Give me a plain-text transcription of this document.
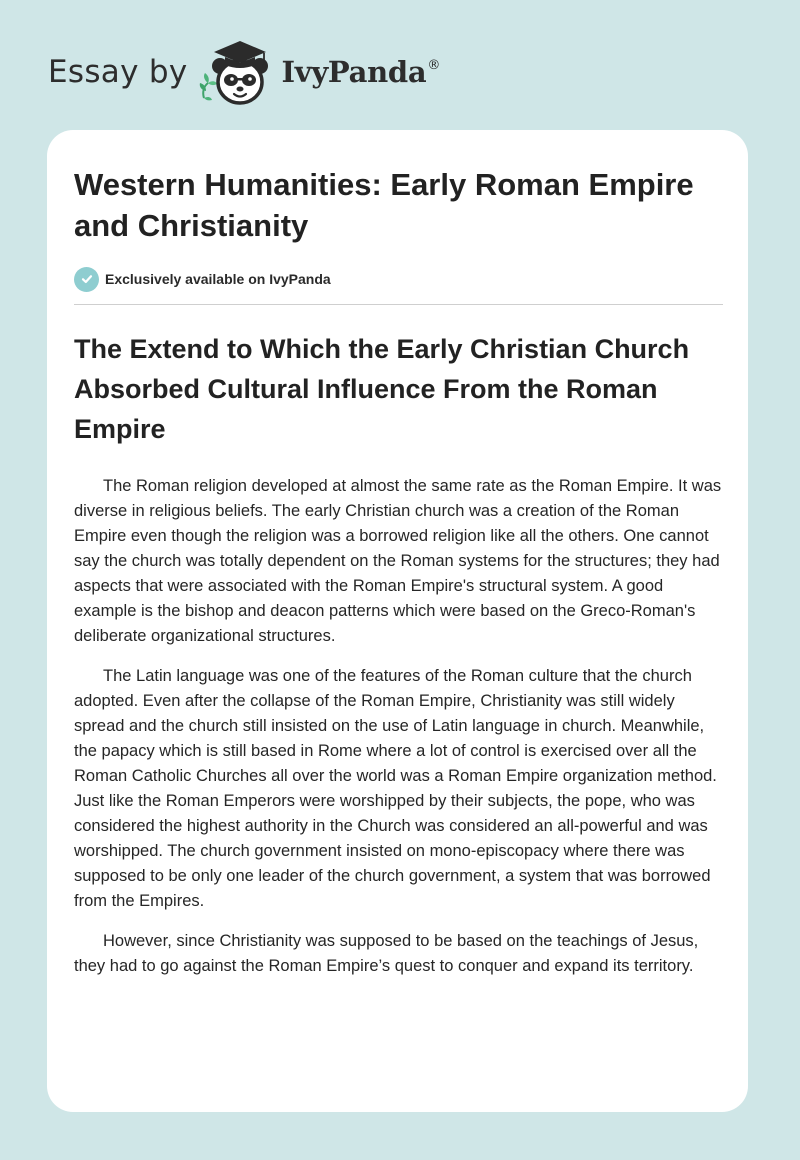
Essay by	IvyPanda ®
Western Humanities: Early Roman Empire and Christianity
Exclusively available on IvyPanda
The Extend to Which the Early Christian Church Absorbed Cultural Influence From the Roman Empire

The Roman religion developed at almost the same rate as the Roman Empire. It was diverse in religious beliefs. The early Christian church was a creation of the Roman Empire even though the religion was a borrowed religion like all the others. One cannot say the church was totally dependent on the Roman systems for the structures; they had aspects that were associated with the Roman Empire's structural system. A good example is the bishop and deacon patterns which were based on the Greco-Roman's deliberate organizational structures.

The Latin language was one of the features of the Roman culture that the church adopted. Even after the collapse of the Roman Empire, Christianity was still widely spread and the church still insisted on the use of Latin language in church. Meanwhile, the papacy which is still based in Rome where a lot of control is exercised over all the Roman Catholic Churches all over the world was a Roman Empire organization method. Just like the Roman Emperors were worshipped by their subjects, the pope, who was considered the highest authority in the Church was considered an all-powerful and was worshipped. The church government insisted on mono-episcopacy where there was supposed to be only one leader of the church government, a system that was borrowed from the Empires.

However, since Christianity was supposed to be based on the teachings of Jesus, they had to go against the Roman Empire’s quest to conquer and expand its territory.
